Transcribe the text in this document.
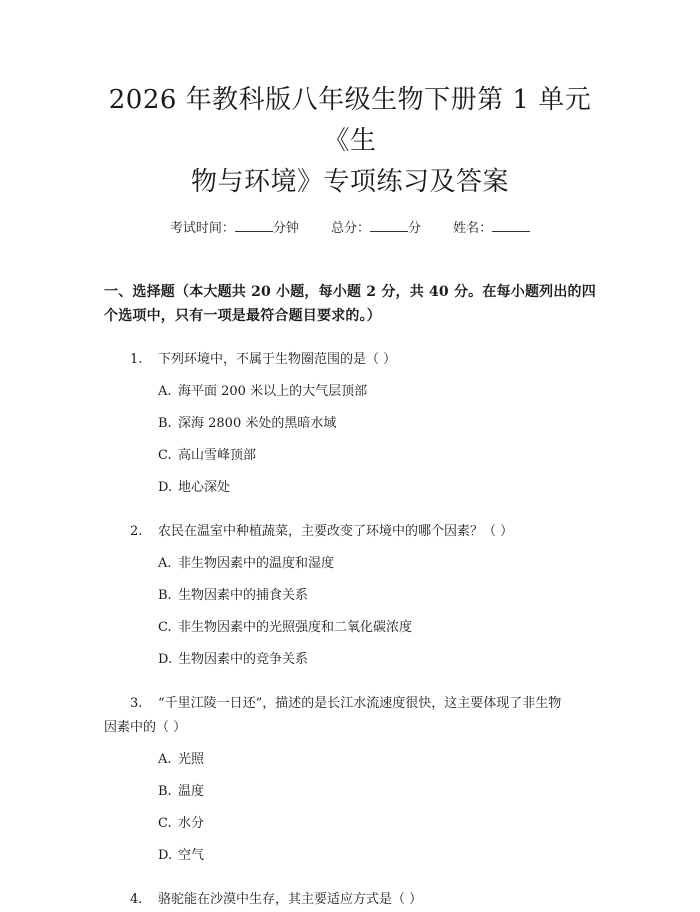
2026 年教科版八年级生物下册第 1 单元《生
物与环境》专项练习及答案
考试时间：	分钟 总分：	分 姓名：
一、选择题（本大题共 20 小题，每小题 2 分，共 40 分。在每小题列出的四个选项中，只有一项是最符合题目要求的。）
1. 下列环境中，不属于生物圈范围的是（ ）
A. 海平面 200 米以上的大气层顶部
B. 深海 2800 米处的黑暗水域
C. 高山雪峰顶部
D. 地心深处
2. 农民在温室中种植蔬菜，主要改变了环境中的哪个因素？（ ）
A. 非生物因素中的温度和湿度
B. 生物因素中的捕食关系
C. 非生物因素中的光照强度和二氧化碳浓度
D. 生物因素中的竞争关系
3. “千里江陵一日还”，描述的是长江水流速度很快，这主要体现了非生物
因素中的（ ）
A. 光照
B. 温度
C. 水分
D. 空气
4. 骆驼能在沙漠中生存，其主要适应方式是（ ）
